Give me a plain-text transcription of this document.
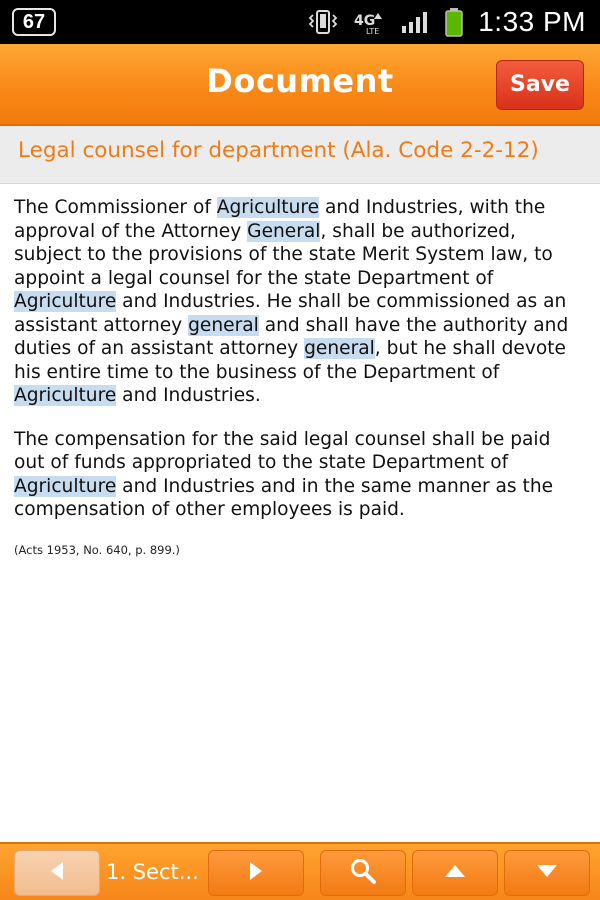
67	4G
LTE	1:33 PM
Document	Save
Legal counsel for department (Ala. Code 2-2-12)

The Commissioner of Agriculture and Industries, with the approval of the Attorney General, shall be authorized, subject to the provisions of the state Merit System law, to appoint a legal counsel for the state Department of Agriculture and Industries. He shall be commissioned as an assistant attorney general and shall have the authority and duties of an assistant attorney general, but he shall devote his entire time to the business of the Department of Agriculture and Industries.

The compensation for the said legal counsel shall be paid out of funds appropriated to the state Department of Agriculture and Industries and in the same manner as the compensation of other employees is paid.

(Acts 1953, No. 640, p. 899.)
1. Sect...
